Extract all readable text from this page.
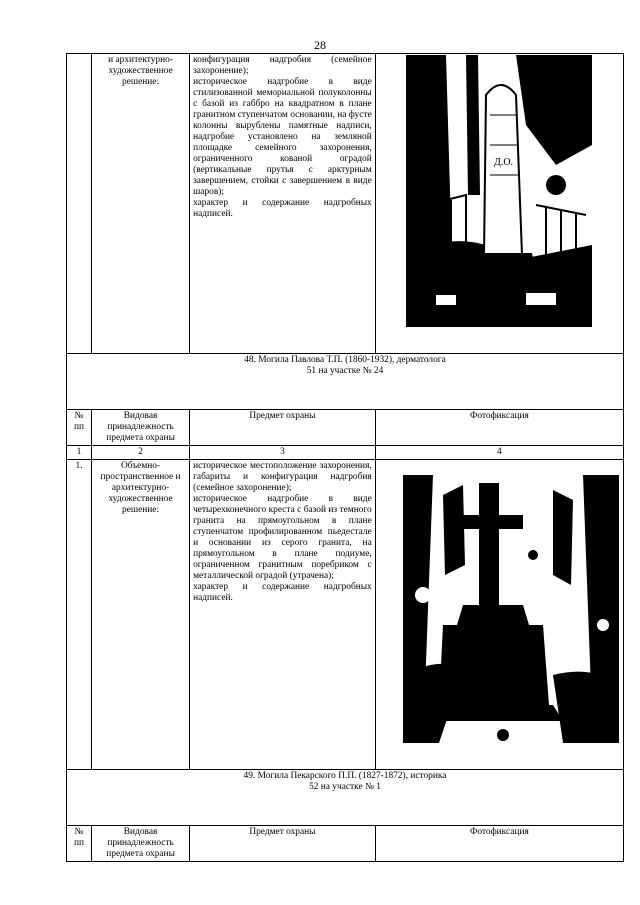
28
	и архитектурно-художественное решение:	конфигурация надгробия (семейное захоронение);
историческое надгробие в виде стилизованной мемориальной полуколонны с базой из габбро на квадратном в плане гранитном ступенчатом основании, на фусте колонны вырублены памятные надписи, надгробие установлено на земляной площадке семейного захоронения, ограниченного кованой оградой (вертикальные прутья с арктурным завершением, стойки с завершением в виде шаров);
характер и содержание надгробных надписей.	Д.О.

48. Могила Павлова Т.П. (1860-1932), дерматолога
51 на участке № 24			

№ пп	Видовая принадлежность предмета охраны	Предмет охраны	Фотофиксация
1	2	3	4
1.	Объемно-пространственное и архитектурно-художественное решение:	историческое местоположение захоронения, габариты и конфигурация надгробия (семейное захоронение);
историческое надгробие в виде четырехконечного креста с базой из темного гранита на прямоугольном в плане ступенчатом профилированном пьедестале и основании из серого гранита, на прямоугольном в плане подиуме, ограниченном гранитным поребриком с металлической оградой (утрачена);
характер и содержание надгробных надписей.

49. Могила Пекарского П.П. (1827-1872), историка
52 на участке № 1			

№ пп	Видовая принадлежность предмета охраны	Предмет охраны	Фотофиксация
